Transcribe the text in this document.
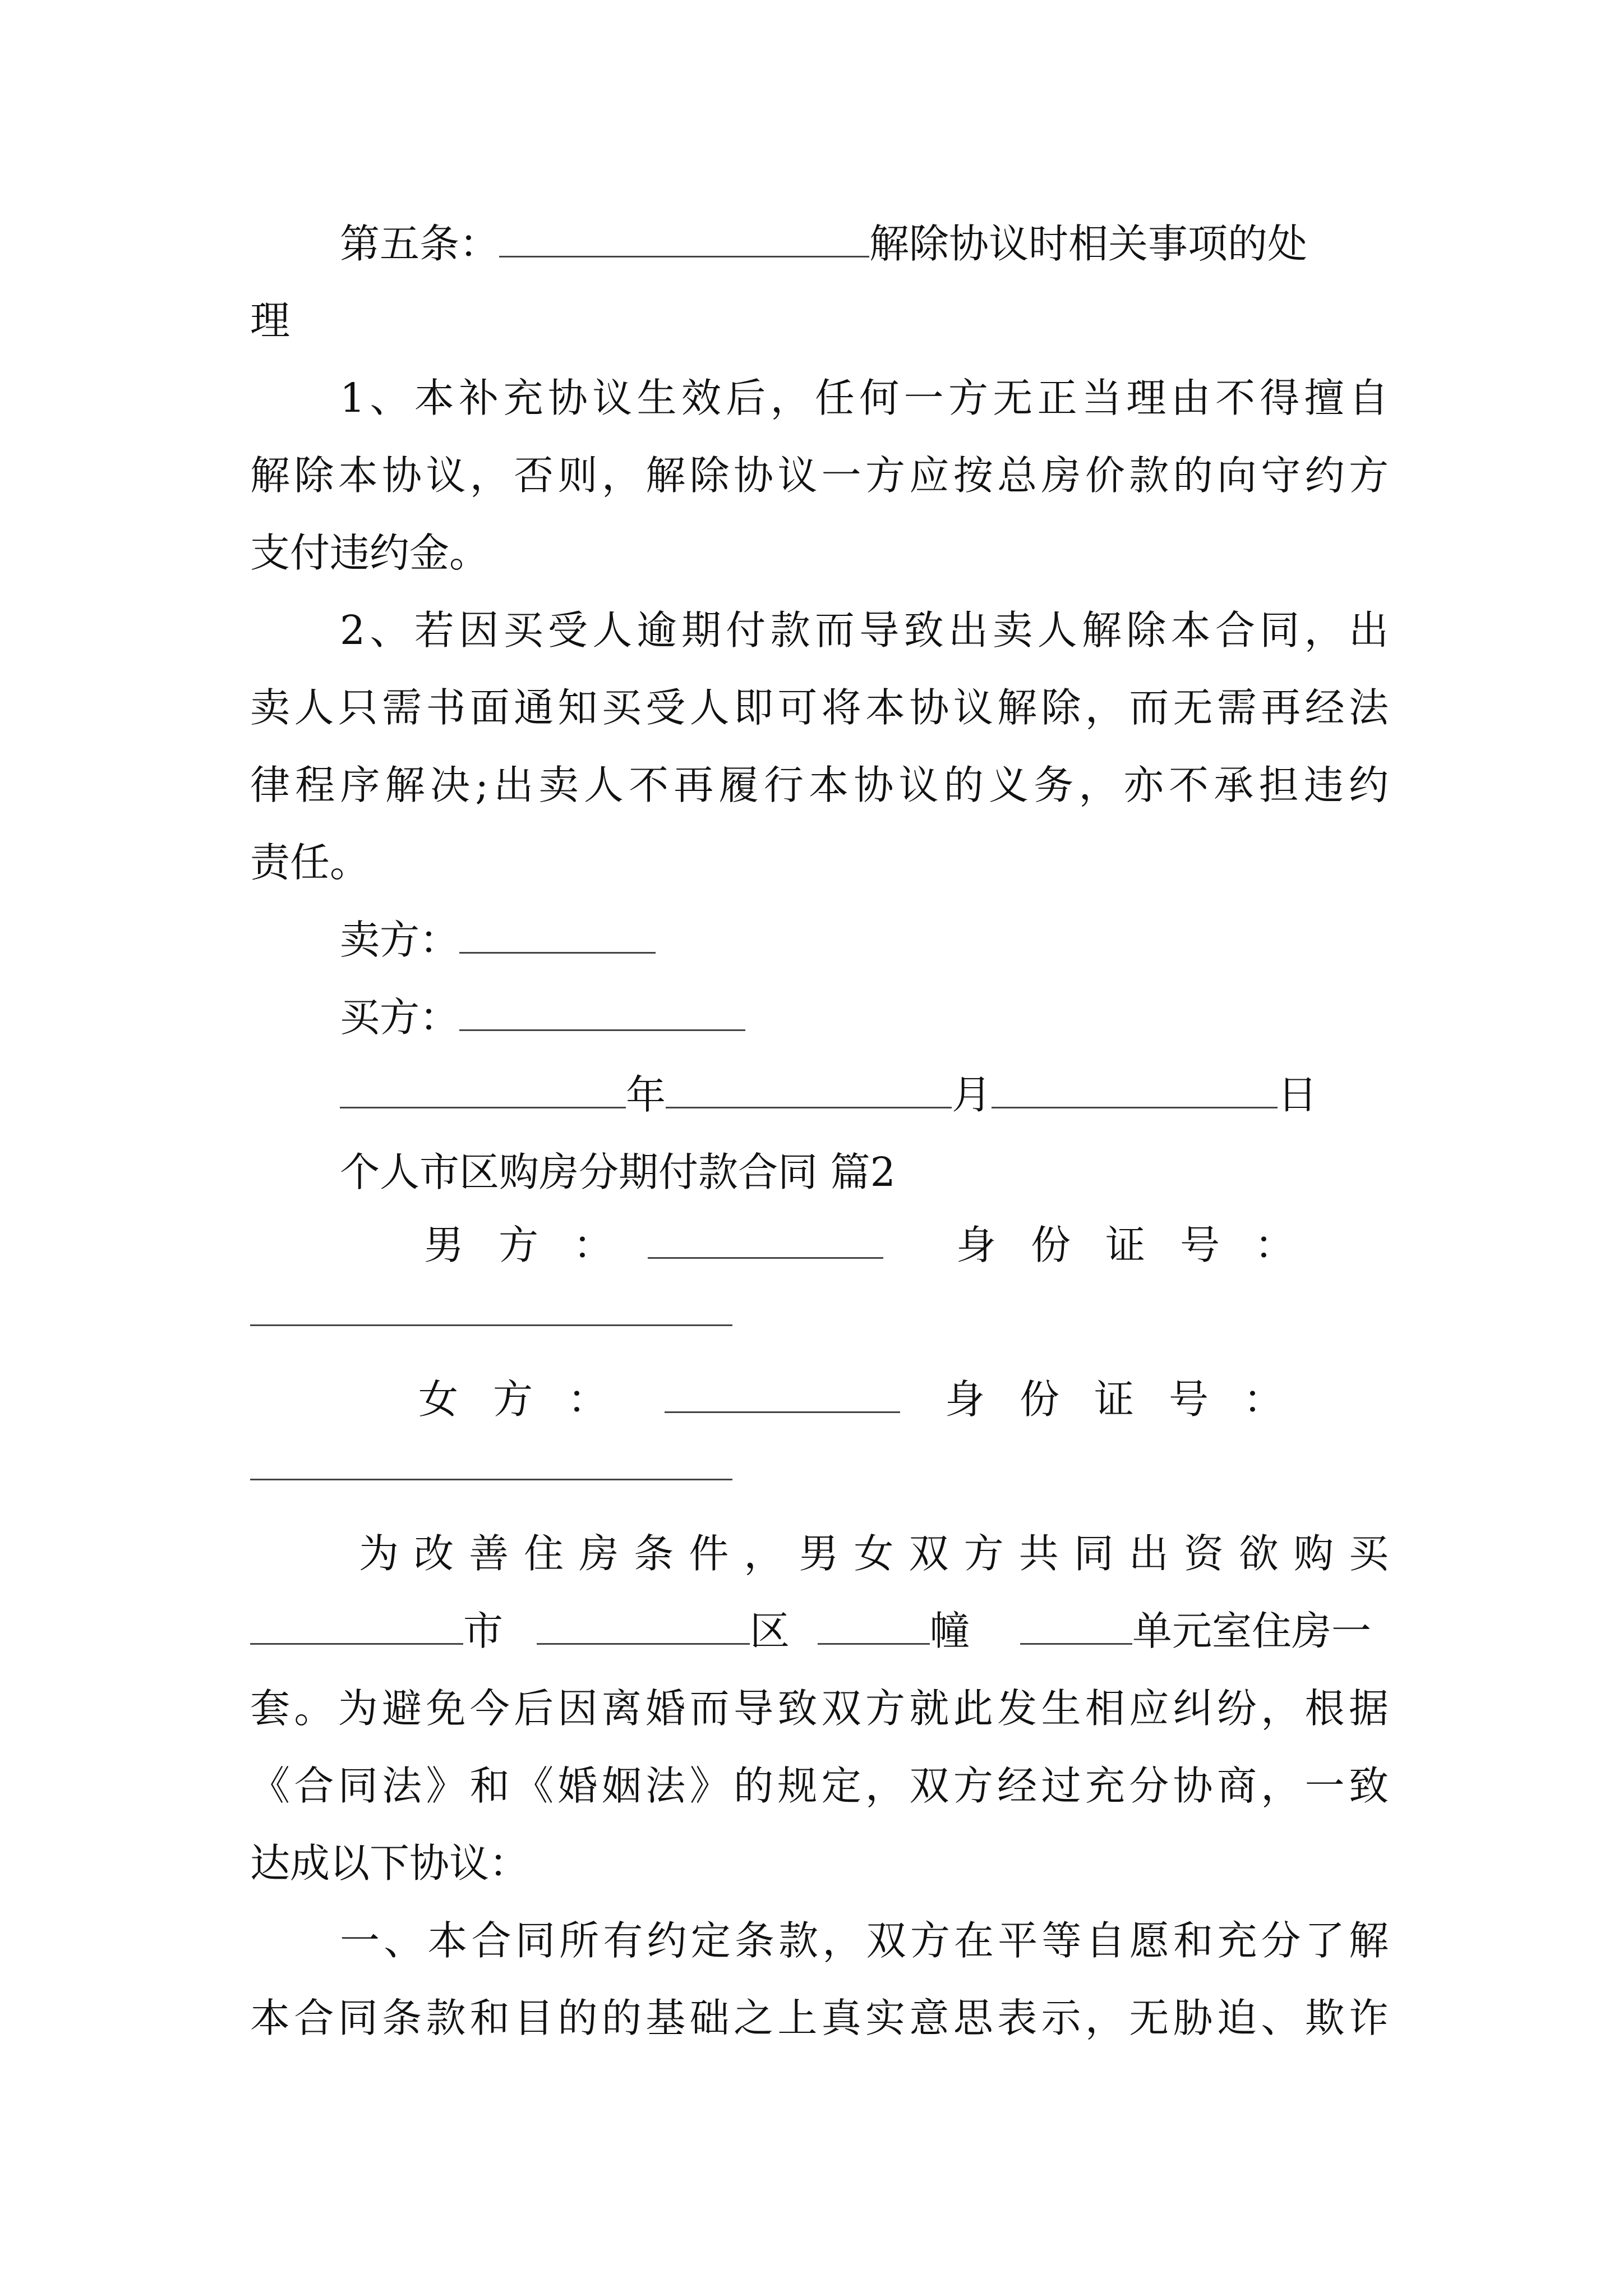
第五条：	解除协议时相关事项的处
理
1、本补充协议生效后，任何一方无正当理由不得擅自
解除本协议，否则，解除协议一方应按总房价款的向守约方
支付违约金。
2、若因买受人逾期付款而导致出卖人解除本合同，出
卖人只需书面通知买受人即可将本协议解除，而无需再经法
律程序解决;出卖人不再履行本协议的义务，亦不承担违约
责任。
卖方：
买方：
年	月	日
个人市区购房分期付款合同 篇2
男方：	身份证号：
女方：	身份证号：
为改善住房条件，男女双方共同出资欲购买
市	区	幢	单元室住房一
套。为避免今后因离婚而导致双方就此发生相应纠纷，根据
《合同法》和《婚姻法》的规定，双方经过充分协商，一致
达成以下协议：
一、本合同所有约定条款，双方在平等自愿和充分了解
本合同条款和目的的基础之上真实意思表示，无胁迫、欺诈
